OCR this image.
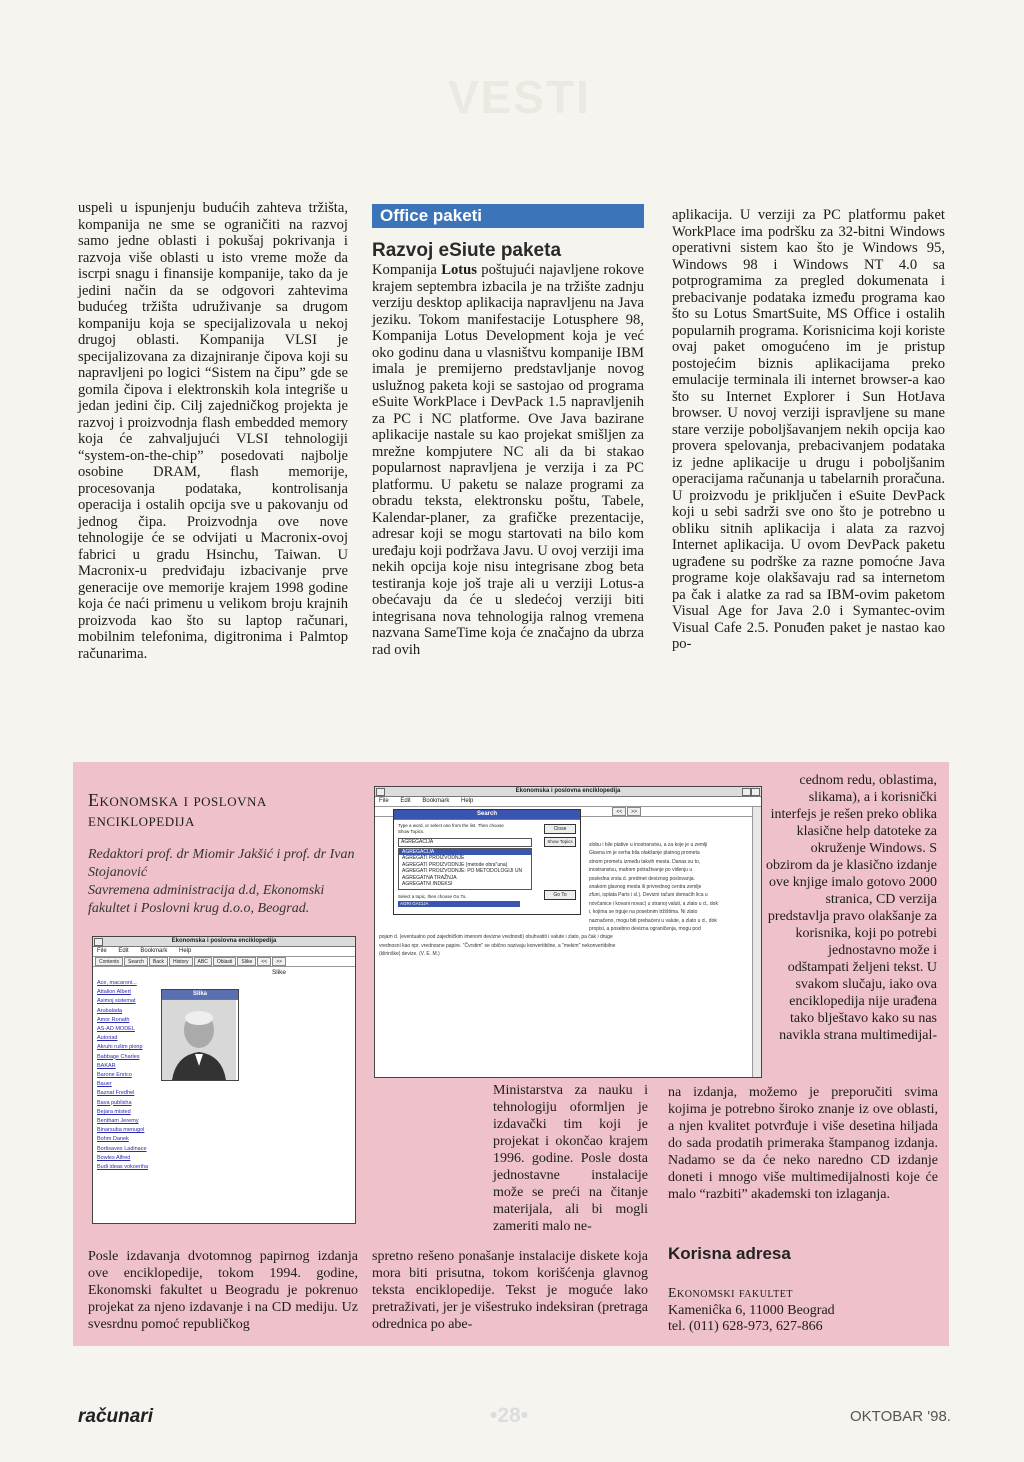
VESTI
uspeli u ispunjenju budućih zahteva tržišta, kompanija ne sme se ograničiti na razvoj samo jedne oblasti i pokušaj pokrivanja i razvoja više oblasti u isto vreme može da iscrpi snagu i finansije kompanije, tako da je jedini način da se odgovori zahtevima budućeg tržišta udruživanje sa drugom kompaniju koja se specijalizovala u nekoj drugoj oblasti. Kompanija VLSI je specijalizovana za dizajniranje čipova koji su napravljeni po logici “Sistem na čipu” gde se gomila čipova i elektronskih kola integriše u jedan jedini čip. Cilj zajedničkog projekta je razvoj i proizvodnja flash embedded memory koja će zahvaljujući VLSI tehnologiji “system-on-the-chip” posedovati najbolje osobine DRAM, flash memorije, procesovanja podataka, kontrolisanja operacija i ostalih opcija sve u pakovanju od jednog čipa. Proizvodnja ove nove tehnologije će se odvijati u Macronix-ovoj fabrici u gradu Hsinchu, Taiwan. U Macronix-u predviđaju izbacivanje prve generacije ove memorije krajem 1998 godine koja će naći primenu u velikom broju krajnih proizvoda kao što su laptop računari, mobilnim telefonima, digitronima i Palmtop računarima.
Office paketi
Razvoj eSiute paketa
Kompanija Lotus poštujući najavljene rokove krajem septembra izbacila je na tržište zadnju verziju desktop aplikacija napravljenu na Java jeziku. Tokom manifestacije Lotusphere 98, Kompanija Lotus Development koja je već oko godinu dana u vlasništvu kompanije IBM imala je premijerno predstavljanje novog uslužnog paketa koji se sastojao od programa eSuite WorkPlace i DevPack 1.5 napravljenih za PC i NC platforme. Ove Java bazirane aplikacije nastale su kao projekat smišljen za mrežne kompjutere NC ali da bi stakao popularnost napravljena je verzija i za PC platformu. U paketu se nalaze programi za obradu teksta, elektronsku poštu, Tabele, Kalendar-planer, za grafičke prezentacije, adresar koji se mogu startovati na bilo kom uređaju koji podržava Javu. U ovoj verziji ima nekih opcija koje nisu integrisane zbog beta testiranja koje još traje ali u verziji Lotus-a obećavaju da će u sledećoj verziji biti integrisana nova tehnologija ralnog vremena nazvana SameTime koja će značajno da ubrza rad ovih
aplikacija. U verziji za PC platformu paket WorkPlace ima podršku za 32-bitni Windows operativni sistem kao što je Windows 95, Windows 98 i Windows NT 4.0 sa potprogramima za pregled dokumenata i prebacivanje podataka između programa kao što su Lotus SmartSuite, MS Office i ostalih popularnih programa. Korisnicima koji koriste ovaj paket omogućeno im je pristup postojećim biznis aplikacijama preko emulacije terminala ili internet browser-a kao što su Internet Explorer i Sun HotJava browser. U novoj verziji ispravljene su mane stare verzije poboljšavanjem nekih opcija kao provera spelovanja, prebacivanjem podataka iz jedne aplikacije u drugu i poboljšanim operacijama računanja u tabelarnih proračuna. U proizvodu je priključen i eSuite DevPack koji u sebi sadrži sve ono što je potrebno u obliku sitnih aplikacija i alata za razvoj Internet aplikacija. U ovom DevPack paketu ugrađene su podrške za razne pomoćne Java programe koje olakšavaju rad sa internetom pa čak i alatke za rad sa IBM-ovim paketom Visual Age for Java 2.0 i Symantec-ovim Visual Cafe 2.5. Ponuđen paket je nastao kao po-
Ekonomska i poslovna enciklopedija
Redaktori prof. dr Miomir Jakšić i prof. dr Ivan Stojanović
Savremena administracija d.d, Ekonomski fakultet i Poslovni krug d.o.o, Beograd.
Ekonomska i poslovna enciklopedija
File Edit Bookmark Help
Contents	Search	Back	History	ABC	Oblasti	Slike	<<	>>
Slike
Ace, macaroni...
Attalion Albert
Asimoj sistemat
Arubalada
Amor Ronath
AS-AD MODEL
Autoriad
Akruhi rušim pionp
Babbage Charles
BAKAR
Barone Enrico
Bauer
Baznat Fredhel
Bava publisha
Bejara misted
Bentham Jeremy
Binarsuba menugol
Bohm Danek
Bortisaves Ladinace
Bowles Alfred
Budi ideas vokoeriha
Slika
Ekonomska i poslovna enciklopedija
File Edit Bookmark Help
<<	>>
slobu i bile plative u inostranstvu, a za koje je u zemlji
Glavna im je svrha bila olakšanje platnog prometa
stnom prometu između takvih mesta. Danas su to,
inostranstvu, mahom potraživanje po viđenju u
posledna vrsta d. predmet deviznog poslovanja.
snakom glavnog mesta ili privrednog centra zemlje
zfuni, isplata Paris i sl.). Devizni računi domaćih lica u
novčanice i kovani novac) u stranoj valuti, a zlato u d., dok
i, kojima se trguje na posebnim tržištima. Ni zlato
naznačeno, mogu biti prebaćeni u valute, a zlato u d., dok
propisi, a posebno devizna ograničenja, mogu pod
pojam d. (eventualno pod zajedničkim imenom devizne vrednosti) obuhvatiti i valute i zlato, pa čak i druge
vrednosni kao npr. vrednosne papire. "Čvrstim" se obično nazivaju konvertibilne, a "mekim" nekonvertibilne
(klirinške) devize. (V. E. M.)
Search
Type a word, or select one from the list. Then choose Show Topics.
AGREGACIJA
AGREGACIJA
AGREGATI PROIZVODNJE
AGREGATI PROIZVODNJE (metode obra"una)
AGREGATI PROIZVODNJE: PO METODOLOGIJI UN
AGREGATNA TRAŽNJA
AGREGATNI INDEKSI
Select a topic, then choose Go To.
AGRI GACIJA
Close
Show Topics
Go To
cednom redu, oblastima, slikama), a i korisnički interfejs je rešen preko oblika klasične help datoteke za okruženje Windows. S obzirom da je klasično izdanje ove knjige imalo gotovo 2000 stranica, CD verzija predstavlja pravo olakšanje za korisnika, koji po potrebi jednostavno može i odštampati željeni tekst. U svakom slučaju, iako ova enciklopedija nije urađena tako blještavo kako su nas navikla strana multimedijal-
Ministarstva za nauku i tehnologiju oformljen je izdavački tim koji je projekat i okončao krajem 1996. godine. Posle dosta jednostavne instalacije može se preći na čitanje materijala, ali bi mogli zameriti malo ne-
na izdanja, možemo je preporučiti svima kojima je potrebno široko znanje iz ove oblasti, a njen kvalitet potvrđuje i više desetina hiljada do sada prodatih primeraka štampanog izdanja. Nadamo se da će neko naredno CD izdanje doneti i mnogo više multimedijalnosti koje će malo “razbiti” akademski ton izlaganja.
Posle izdavanja dvotomnog papirnog izdanja ove enciklopedije, tokom 1994. godine, Ekonomski fakultet u Beogradu je pokrenuo projekat za njeno izdavanje i na CD mediju. Uz svesrdnu pomoć republičkog
spretno rešeno ponašanje instalacije diskete koja mora biti prisutna, tokom korišćenja glavnog teksta enciklopedije. Tekst je moguće lako pretraživati, jer je višestruko indeksiran (pretraga odrednica po abe-
Korisna adresa
Ekonomski fakultet
Kameniĉka 6, 11000 Beograd
tel. (011) 628-973, 627-866
računari	•28•	OKTOBAR '98.
